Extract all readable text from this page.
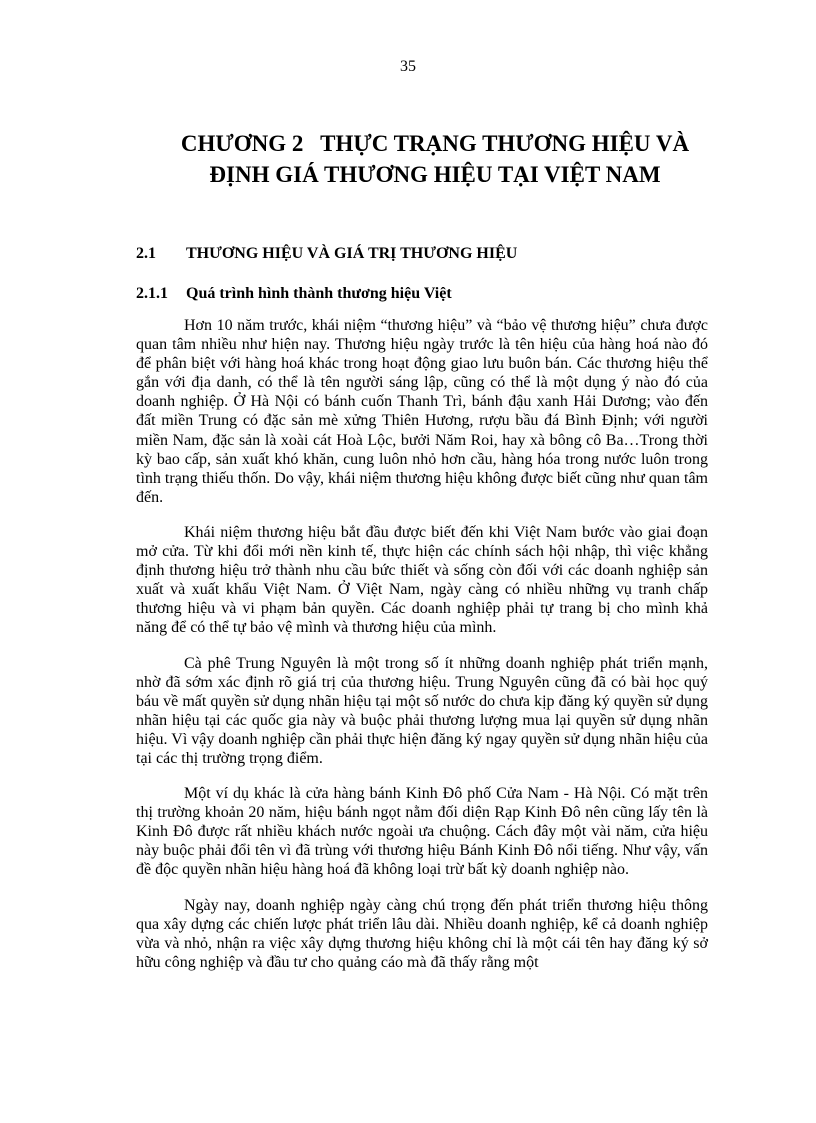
35
CHƯƠNG 2   THỰC TRẠNG THƯƠNG HIỆU VÀ
ĐỊNH GIÁ THƯƠNG HIỆU TẠI VIỆT NAM
2.1 THƯƠNG HIỆU VÀ GIÁ TRỊ THƯƠNG HIỆU
2.1.1 Quá trình hình thành thương hiệu Việt

Hơn 10 năm trước, khái niệm “thương hiệu” và “bảo vệ thương hiệu” chưa được quan tâm nhiều như hiện nay. Thương hiệu ngày trước là tên hiệu của hàng hoá nào đó để phân biệt với hàng hoá khác trong hoạt động giao lưu buôn bán. Các thương hiệu thể gắn với địa danh, có thể là tên người sáng lập, cũng có thể là một dụng ý nào đó của doanh nghiệp. Ở Hà Nội có bánh cuốn Thanh Trì, bánh đậu xanh Hải Dương; vào đến đất miền Trung có đặc sản mè xửng Thiên Hương, rượu bầu đá Bình Định; với người miền Nam, đặc sản là xoài cát Hoà Lộc, bưởi Năm Roi, hay xà bông cô Ba…Trong thời kỳ bao cấp, sản xuất khó khăn, cung luôn nhỏ hơn cầu, hàng hóa trong nước luôn trong tình trạng thiếu thốn. Do vậy, khái niệm thương hiệu không được biết cũng như quan tâm đến.

Khái niệm thương hiệu bắt đầu được biết đến khi Việt Nam bước vào giai đoạn mở cửa. Từ khi đổi mới nền kinh tế, thực hiện các chính sách hội nhập, thì việc khẳng định thương hiệu trở thành nhu cầu bức thiết và sống còn đối với các doanh nghiệp sản xuất và xuất khẩu Việt Nam. Ở Việt Nam, ngày càng có nhiều những vụ tranh chấp thương hiệu và vi phạm bản quyền. Các doanh nghiệp phải tự trang bị cho mình khả năng để có thể tự bảo vệ mình và thương hiệu của mình.

Cà phê Trung Nguyên là một trong số ít những doanh nghiệp phát triển mạnh, nhờ đã sớm xác định rõ giá trị của thương hiệu. Trung Nguyên cũng đã có bài học quý báu về mất quyền sử dụng nhãn hiệu tại một số nước do chưa kịp đăng ký quyền sử dụng nhãn hiệu tại các quốc gia này và buộc phải thương lượng mua lại quyền sử dụng nhãn hiệu. Vì vậy doanh nghiệp cần phải thực hiện đăng ký ngay quyền sử dụng nhãn hiệu của tại các thị trường trọng điểm.

Một ví dụ khác là cửa hàng bánh Kinh Đô phố Cửa Nam - Hà Nội. Có mặt trên thị trường khoản 20 năm, hiệu bánh ngọt nằm đối diện Rạp Kinh Đô nên cũng lấy tên là Kinh Đô được rất nhiều khách nước ngoài ưa chuộng. Cách đây một vài năm, cửa hiệu này buộc phải đổi tên vì đã trùng với thương hiệu Bánh Kinh Đô nổi tiếng. Như vậy, vấn đề độc quyền nhãn hiệu hàng hoá đã không loại trừ bất kỳ doanh nghiệp nào.

Ngày nay, doanh nghiệp ngày càng chú trọng đến phát triển thương hiệu thông qua xây dựng các chiến lược phát triển lâu dài. Nhiều doanh nghiệp, kể cả doanh nghiệp vừa và nhỏ, nhận ra việc xây dựng thương hiệu không chỉ là một cái tên hay đăng ký sở hữu công nghiệp và đầu tư cho quảng cáo mà đã thấy rằng một
